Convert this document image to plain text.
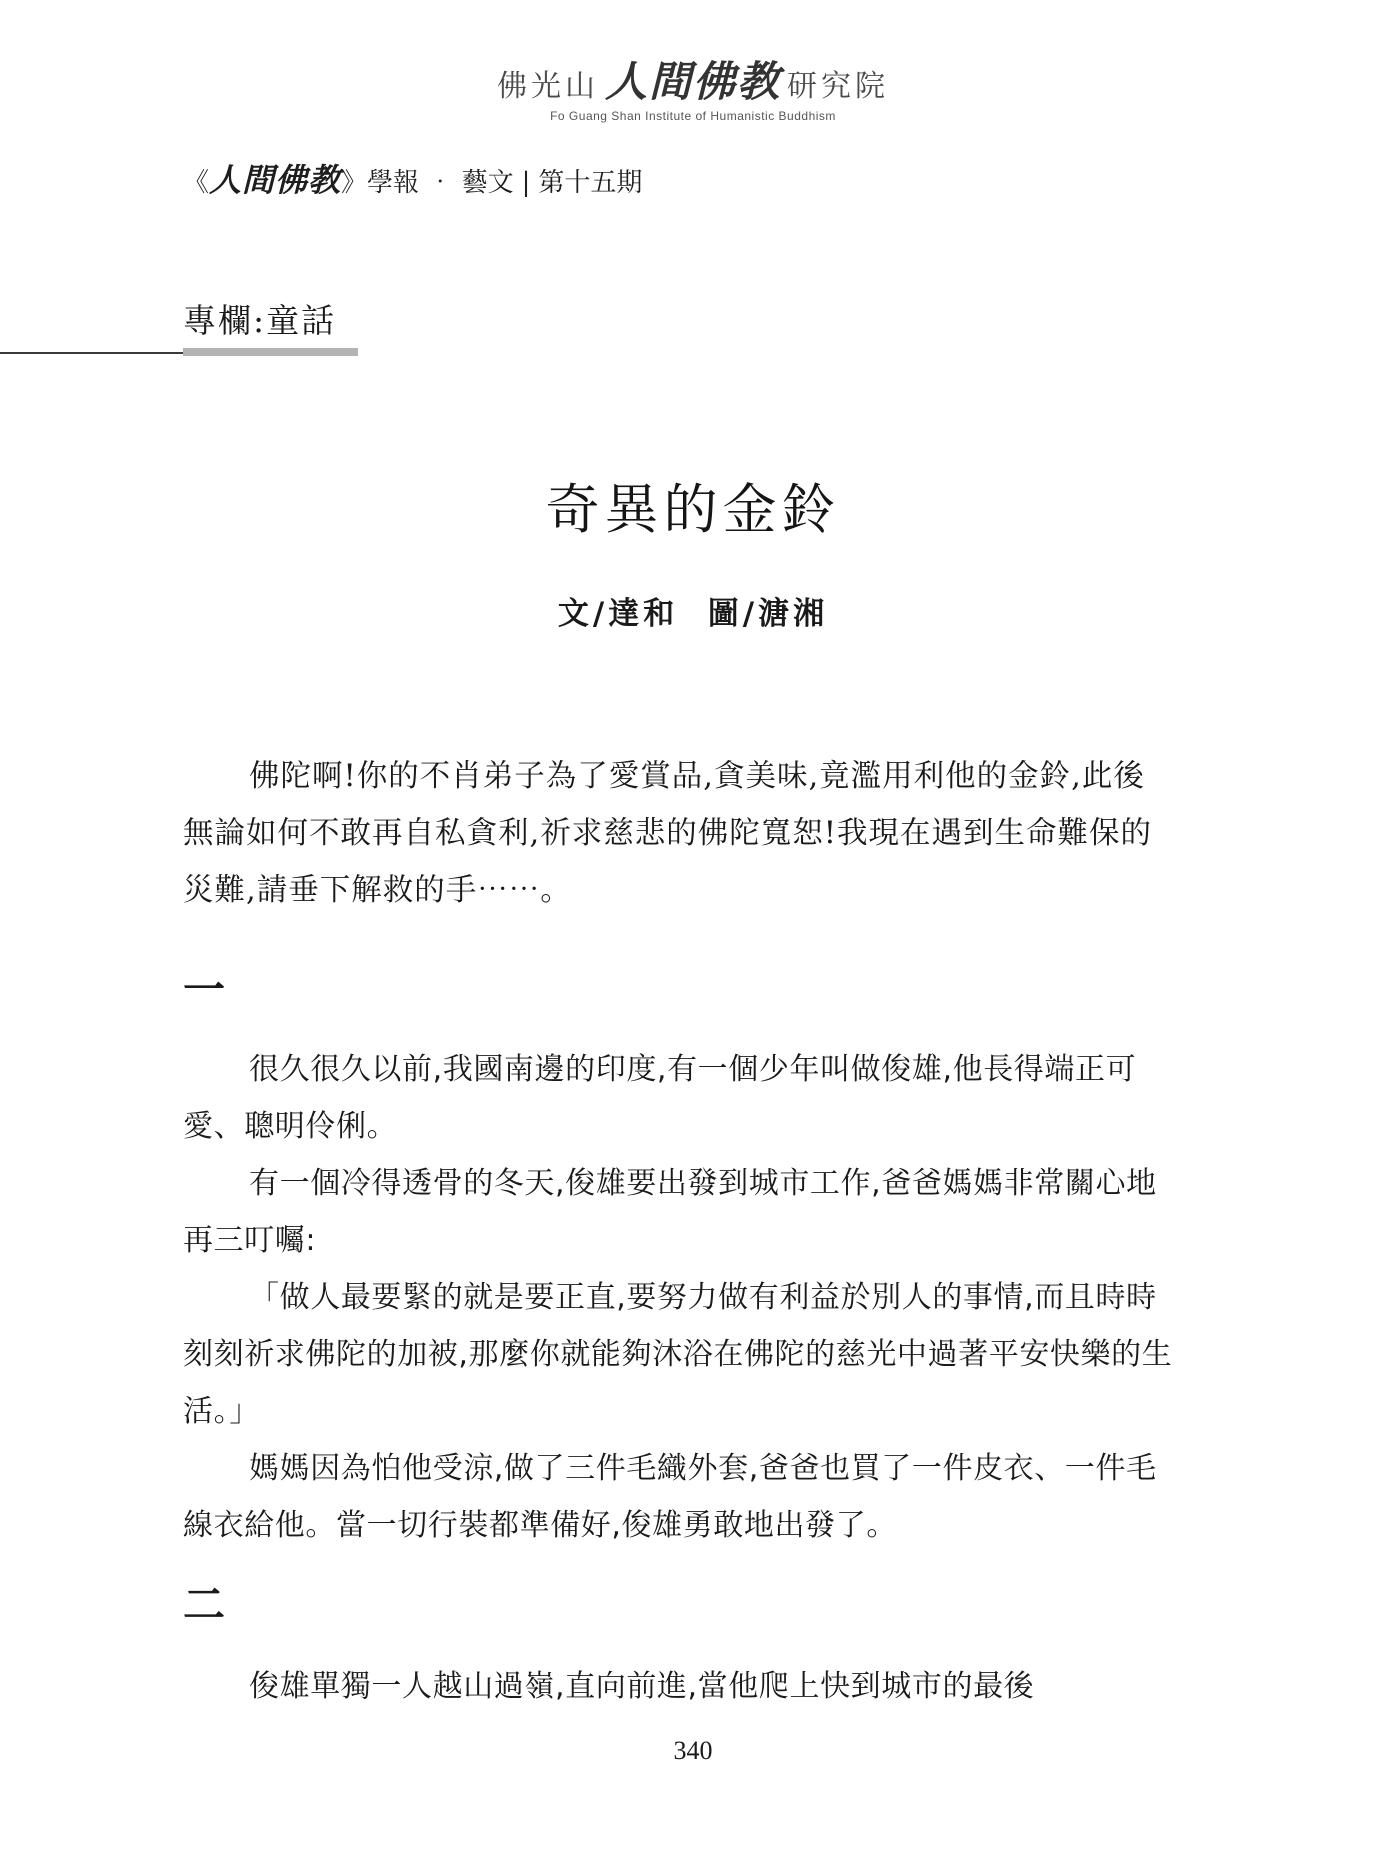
佛光山 人間佛教 研究院
Fo Guang Shan Institute of Humanistic Buddhism
《人間佛教》學報 ‧ 藝文 | 第十五期
專欄:童話
奇異的金鈴
文/達和  圖/溏湘

佛陀啊!你的不肖弟子為了愛賞品,貪美味,竟濫用利他的金鈴,此後無論如何不敢再自私貪利,祈求慈悲的佛陀寬恕!我現在遇到生命難保的災難,請垂下解救的手⋯⋯。

一

很久很久以前,我國南邊的印度,有一個少年叫做俊雄,他長得端正可愛、聰明伶俐。

有一個冷得透骨的冬天,俊雄要出發到城市工作,爸爸媽媽非常關心地再三叮囑:

「做人最要緊的就是要正直,要努力做有利益於別人的事情,而且時時刻刻祈求佛陀的加被,那麼你就能夠沐浴在佛陀的慈光中過著平安快樂的生活。」

媽媽因為怕他受涼,做了三件毛織外套,爸爸也買了一件皮衣、一件毛線衣給他。當一切行裝都準備好,俊雄勇敢地出發了。

二

俊雄單獨一人越山過嶺,直向前進,當他爬上快到城市的最後

340
